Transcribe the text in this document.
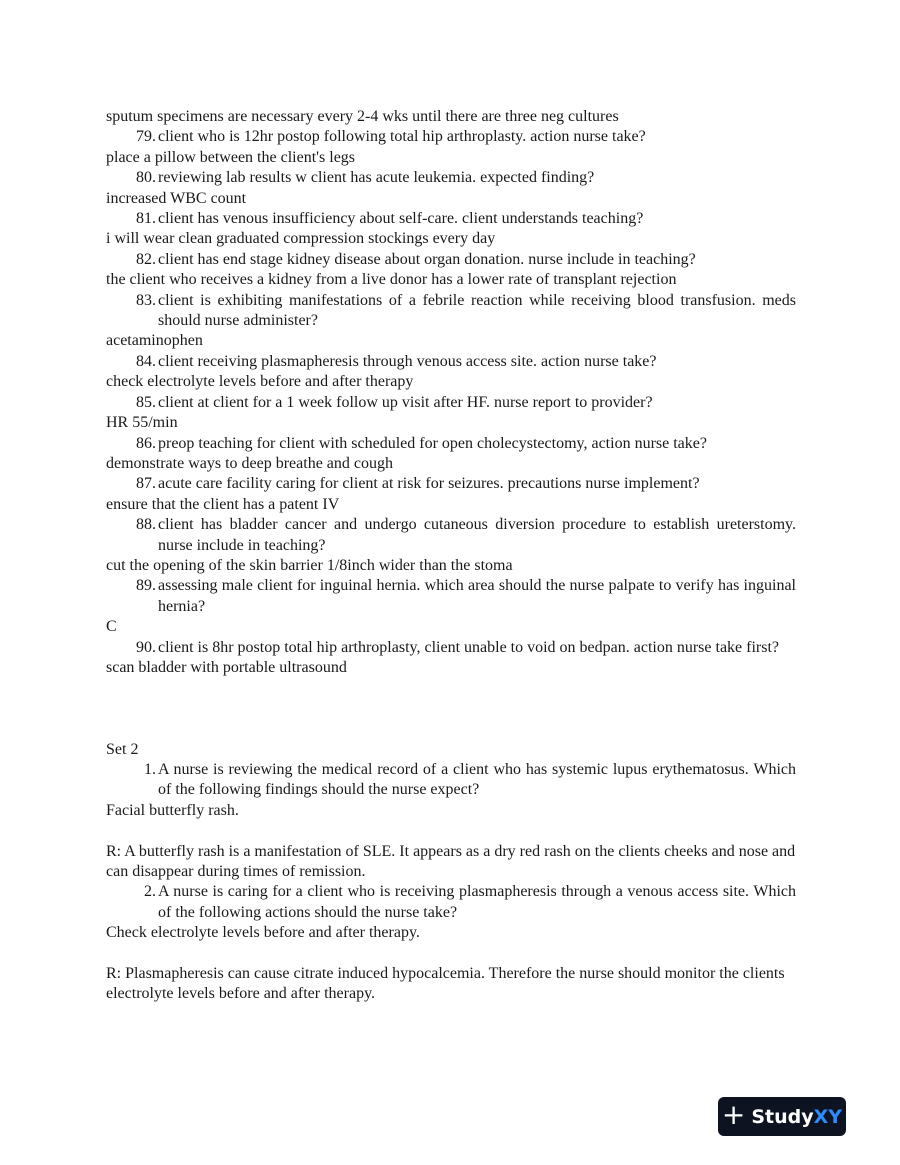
sputum specimens are necessary every 2-4 wks until there are three neg cultures

79. client who is 12hr postop following total hip arthroplasty. action nurse take?

place a pillow between the client's legs

80. reviewing lab results w client has acute leukemia. expected finding?

increased WBC count

81. client has venous insufficiency about self-care. client understands teaching?

i will wear clean graduated compression stockings every day

82. client has end stage kidney disease about organ donation. nurse include in teaching?

the client who receives a kidney from a live donor has a lower rate of transplant rejection

83. client is exhibiting manifestations of a febrile reaction while receiving blood transfusion. meds should nurse administer?

acetaminophen

84. client receiving plasmapheresis through venous access site. action nurse take?

check electrolyte levels before and after therapy

85. client at client for a 1 week follow up visit after HF. nurse report to provider?

HR 55/min

86. preop teaching for client with scheduled for open cholecystectomy, action nurse take?

demonstrate ways to deep breathe and cough

87. acute care facility caring for client at risk for seizures. precautions nurse implement?

ensure that the client has a patent IV

88. client has bladder cancer and undergo cutaneous diversion procedure to establish ureterstomy. nurse include in teaching?

cut the opening of the skin barrier 1/8inch wider than the stoma

89. assessing male client for inguinal hernia. which area should the nurse palpate to verify has inguinal hernia?

C

90. client is 8hr postop total hip arthroplasty, client unable to void on bedpan. action nurse take first?

scan bladder with portable ultrasound

Set 2

1. A nurse is reviewing the medical record of a client who has systemic lupus erythematosus. Which of the following findings should the nurse expect?

Facial butterfly rash.

R: A butterfly rash is a manifestation of SLE. It appears as a dry red rash on the clients cheeks and nose and can disappear during times of remission.

2. A nurse is caring for a client who is receiving plasmapheresis through a venous access site. Which of the following actions should the nurse take?

Check electrolyte levels before and after therapy.

R: Plasmapheresis can cause citrate induced hypocalcemia. Therefore the nurse should monitor the clients electrolyte levels before and after therapy.

+ StudyXY
